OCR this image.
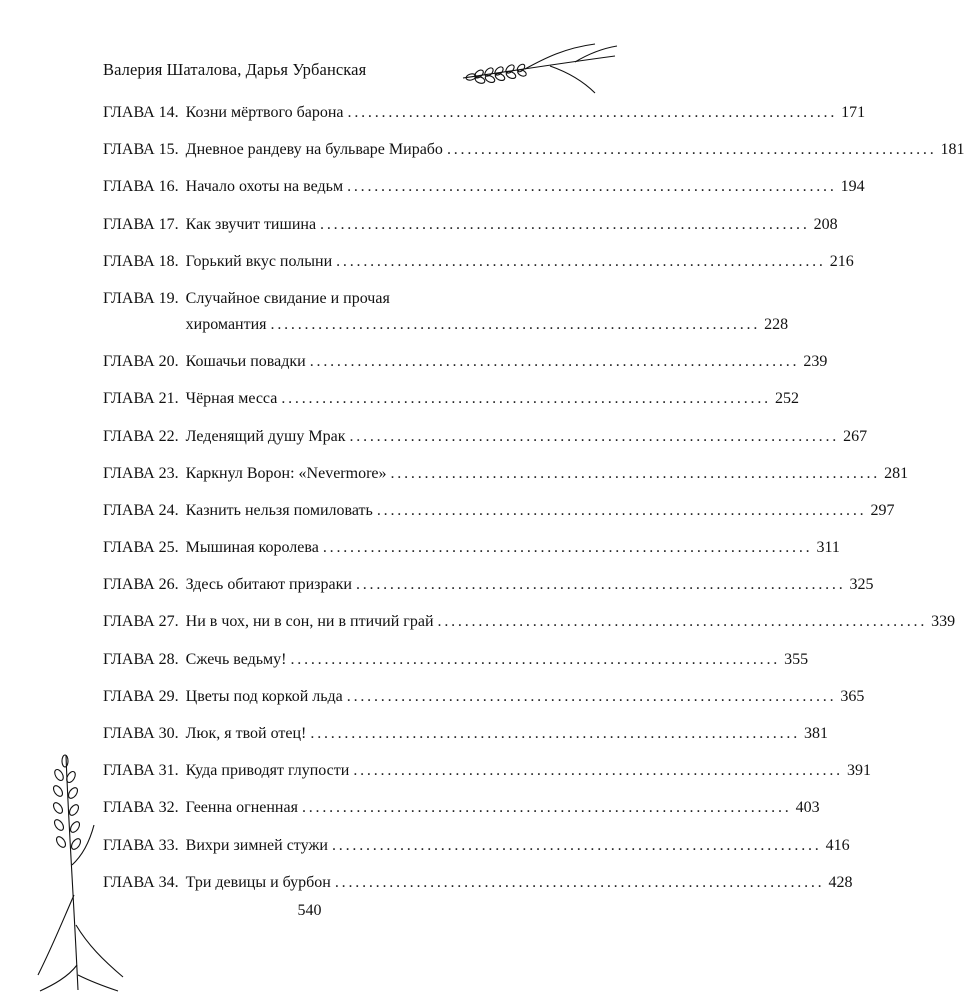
Валерия Шаталова, Дарья Урбанская
ГЛАВА 14. Козни мёртвого барона ........................................................................ 171
ГЛАВА 15. Дневное рандеву на бульваре Мирабо ........................................................................ 181
ГЛАВА 16. Начало охоты на ведьм ........................................................................ 194
ГЛАВА 17. Как звучит тишина ........................................................................ 208
ГЛАВА 18. Горький вкус полыни ........................................................................ 216
ГЛАВА 19. Случайное свидание и прочая
хиромантия ........................................................................ 228
ГЛАВА 20. Кошачьи повадки ........................................................................ 239
ГЛАВА 21. Чёрная месса ........................................................................ 252
ГЛАВА 22. Леденящий душу Мрак ........................................................................ 267
ГЛАВА 23. Каркнул Ворон: «Nevermore» ........................................................................ 281
ГЛАВА 24. Казнить нельзя помиловать ........................................................................ 297
ГЛАВА 25. Мышиная королева ........................................................................ 311
ГЛАВА 26. Здесь обитают призраки ........................................................................ 325
ГЛАВА 27. Ни в чох, ни в сон, ни в птичий грай ........................................................................ 339
ГЛАВА 28. Сжечь ведьму! ........................................................................ 355
ГЛАВА 29. Цветы под коркой льда ........................................................................ 365
ГЛАВА 30. Люк, я твой отец! ........................................................................ 381
ГЛАВА 31. Куда приводят глупости ........................................................................ 391
ГЛАВА 32. Геенна огненная ........................................................................ 403
ГЛАВА 33. Вихри зимней стужи ........................................................................ 416
ГЛАВА 34. Три девицы и бурбон ........................................................................ 428
540
